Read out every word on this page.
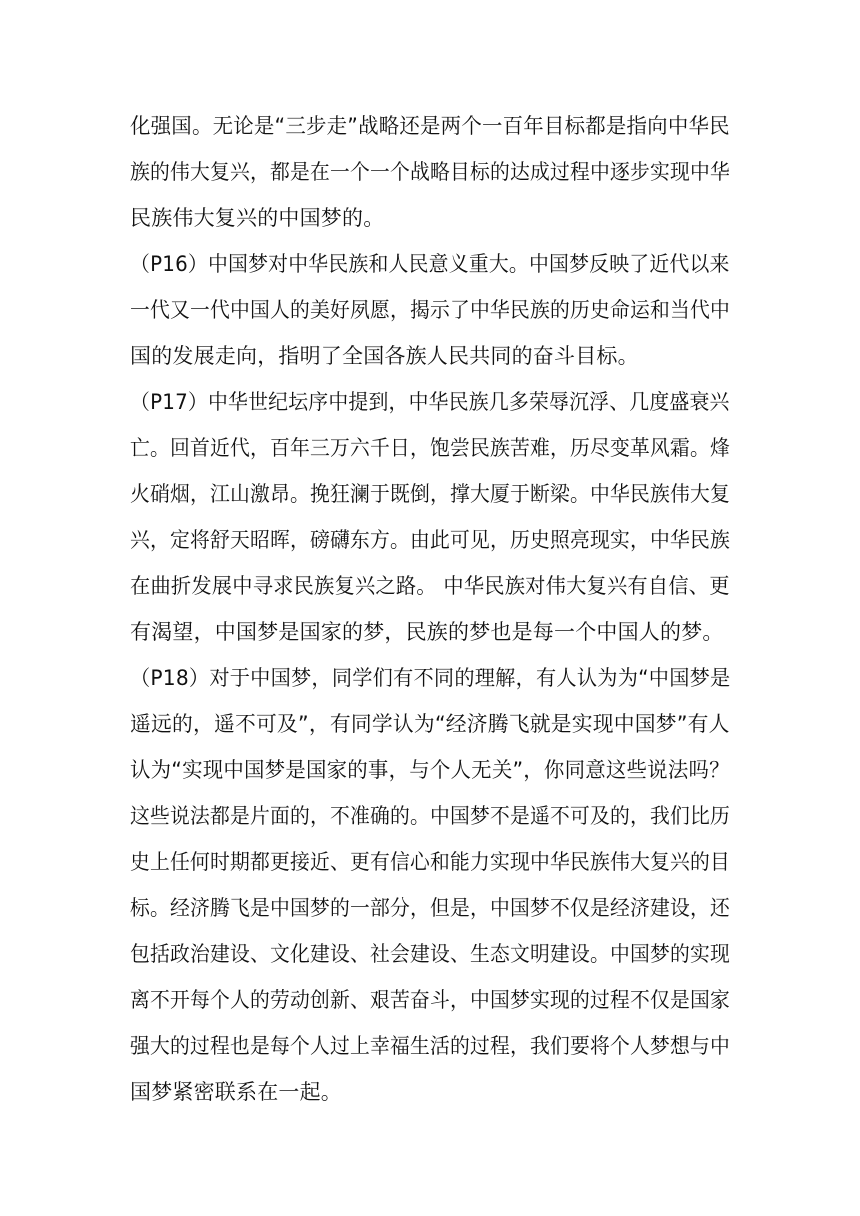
化强国。无论是“三步走”战略还是两个一百年目标都是指向中华民
族的伟大复兴，都是在一个一个战略目标的达成过程中逐步实现中华
民族伟大复兴的中国梦的。
（P16）中国梦对中华民族和人民意义重大。中国梦反映了近代以来
一代又一代中国人的美好夙愿，揭示了中华民族的历史命运和当代中
国的发展走向，指明了全国各族人民共同的奋斗目标。
（P17）中华世纪坛序中提到，中华民族几多荣辱沉浮、几度盛衰兴
亡。回首近代，百年三万六千日，饱尝民族苦难，历尽变革风霜。烽
火硝烟，江山激昂。挽狂澜于既倒，撑大厦于断梁。中华民族伟大复
兴，定将舒天昭晖，磅礴东方。由此可见，历史照亮现实，中华民族
在曲折发展中寻求民族复兴之路。 中华民族对伟大复兴有自信、更
有渴望，中国梦是国家的梦，民族的梦也是每一个中国人的梦。
（P18）对于中国梦，同学们有不同的理解，有人认为为“中国梦是
遥远的，遥不可及”，有同学认为“经济腾飞就是实现中国梦”有人
认为“实现中国梦是国家的事，与个人无关”，你同意这些说法吗？
这些说法都是片面的，不准确的。中国梦不是遥不可及的，我们比历
史上任何时期都更接近、更有信心和能力实现中华民族伟大复兴的目
标。经济腾飞是中国梦的一部分，但是，中国梦不仅是经济建设，还
包括政治建设、文化建设、社会建设、生态文明建设。中国梦的实现
离不开每个人的劳动创新、艰苦奋斗，中国梦实现的过程不仅是国家
强大的过程也是每个人过上幸福生活的过程，我们要将个人梦想与中
国梦紧密联系在一起。
